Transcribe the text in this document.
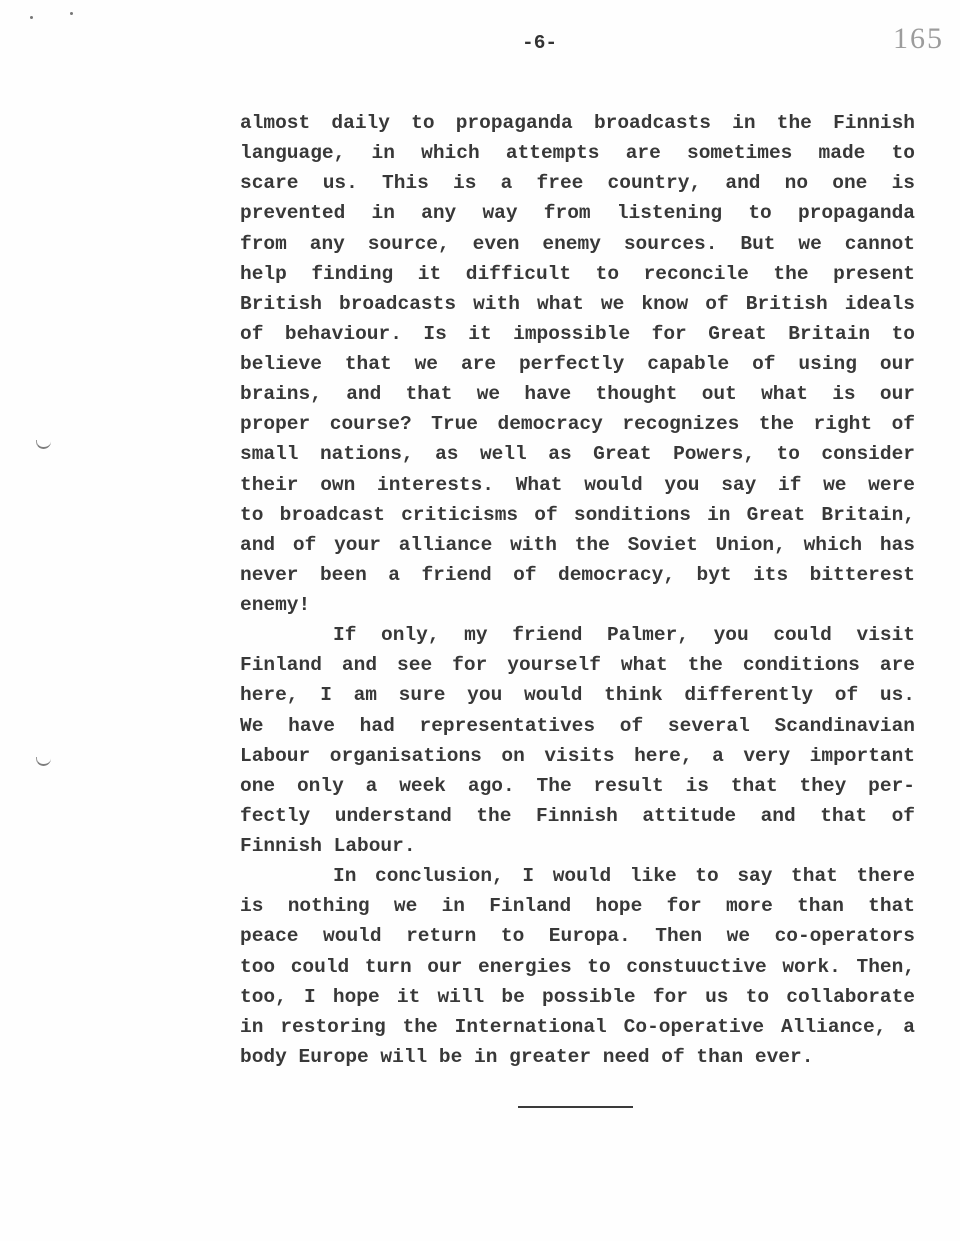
-6-	165
almost daily to propaganda broadcasts in the Finnish
language, in which attempts are sometimes made to
scare us. This is a free country, and no one is
prevented in any way from listening to propaganda
from any source, even enemy sources. But we cannot
help finding it difficult to reconcile the present
British broadcasts with what we know of British ideals
of behaviour. Is it impossible for Great Britain to
believe that we are perfectly capable of using our
brains, and that we have thought out what is our
proper course? True democracy recognizes the right of
small nations, as well as Great Powers, to consider
their own interests. What would you say if we were
to broadcast criticisms of sonditions in Great Britain,
and of your alliance with the Soviet Union, which has
never been a friend of democracy, byt its bitterest
enemy!
If only, my friend Palmer, you could visit
Finland and see for yourself what the conditions are
here, I am sure you would think differently of us.
We have had representatives of several Scandinavian
Labour organisations on visits here, a very important
one only a week ago. The result is that they per-
fectly understand the Finnish attitude and that of
Finnish Labour.
In conclusion, I would like to say that there
is nothing we in Finland hope for more than that
peace would return to Europa. Then we co-operators
too could turn our energies to constuuctive work. Then,
too, I hope it will be possible for us to collaborate
in restoring the International Co-operative Alliance, a
body Europe will be in greater need of than ever.
